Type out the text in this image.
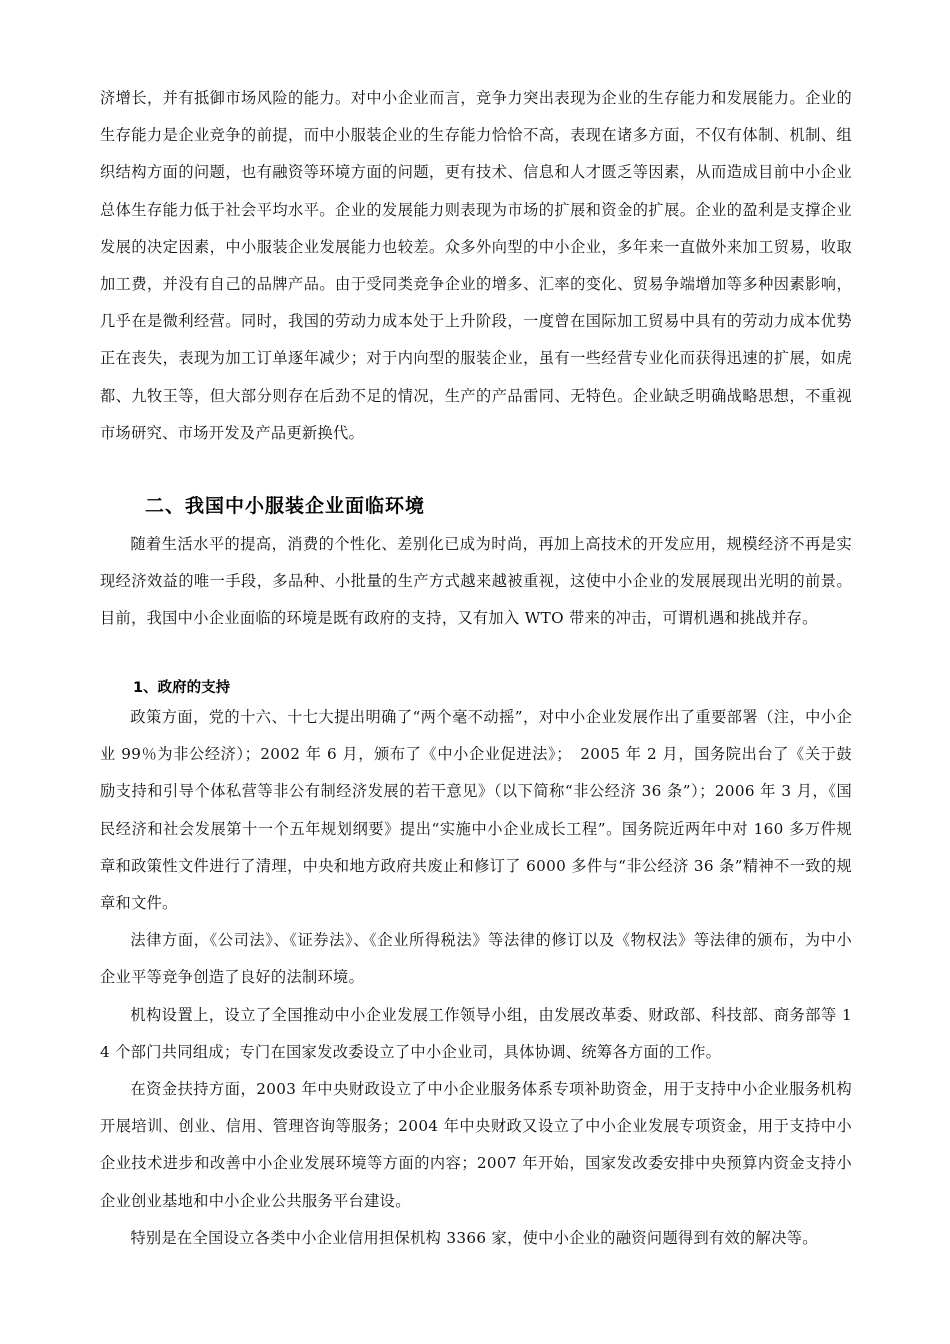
济增长，并有抵御市场风险的能力。对中小企业而言，竞争力突出表现为企业的生存能力和发展能力。企业的生存能力是企业竞争的前提，而中小服装企业的生存能力恰恰不高，表现在诸多方面，不仅有体制、机制、组织结构方面的问题，也有融资等环境方面的问题，更有技术、信息和人才匮乏等因素，从而造成目前中小企业总体生存能力低于社会平均水平。企业的发展能力则表现为市场的扩展和资金的扩展。企业的盈利是支撑企业发展的决定因素，中小服装企业发展能力也较差。众多外向型的中小企业，多年来一直做外来加工贸易，收取加工费，并没有自己的品牌产品。由于受同类竞争企业的增多、汇率的变化、贸易争端增加等多种因素影响，几乎在是微利经营。同时，我国的劳动力成本处于上升阶段，一度曾在国际加工贸易中具有的劳动力成本优势正在丧失，表现为加工订单逐年减少；对于内向型的服装企业，虽有一些经营专业化而获得迅速的扩展，如虎都、九牧王等，但大部分则存在后劲不足的情况，生产的产品雷同、无特色。企业缺乏明确战略思想，不重视市场研究、市场开发及产品更新换代。

二、我国中小服装企业面临环境

随着生活水平的提高，消费的个性化、差别化已成为时尚，再加上高技术的开发应用，规模经济不再是实现经济效益的唯一手段，多品种、小批量的生产方式越来越被重视，这使中小企业的发展展现出光明的前景。目前，我国中小企业面临的环境是既有政府的支持，又有加入 WTO 带来的冲击，可谓机遇和挑战并存。

1、政府的支持

政策方面，党的十六、十七大提出明确了“两个毫不动摇”，对中小企业发展作出了重要部署（注，中小企业 99％为非公经济）；2002 年 6 月，颁布了《中小企业促进法》；　2005 年 2 月，国务院出台了《关于鼓励支持和引导个体私营等非公有制经济发展的若干意见》（以下简称“非公经济 36 条”）；2006 年 3 月，《国民经济和社会发展第十一个五年规划纲要》提出“实施中小企业成长工程”。国务院近两年中对 160 多万件规章和政策性文件进行了清理，中央和地方政府共废止和修订了 6000 多件与“非公经济 36 条”精神不一致的规章和文件。

法律方面，《公司法》、《证券法》、《企业所得税法》等法律的修订以及《物权法》等法律的颁布，为中小企业平等竞争创造了良好的法制环境。

机构设置上，设立了全国推动中小企业发展工作领导小组，由发展改革委、财政部、科技部、商务部等 14 个部门共同组成；专门在国家发改委设立了中小企业司，具体协调、统筹各方面的工作。

在资金扶持方面，2003 年中央财政设立了中小企业服务体系专项补助资金，用于支持中小企业服务机构开展培训、创业、信用、管理咨询等服务；2004 年中央财政又设立了中小企业发展专项资金，用于支持中小企业技术进步和改善中小企业发展环境等方面的内容；2007 年开始，国家发改委安排中央预算内资金支持小企业创业基地和中小企业公共服务平台建设。

特别是在全国设立各类中小企业信用担保机构 3366 家，使中小企业的融资问题得到有效的解决等。
